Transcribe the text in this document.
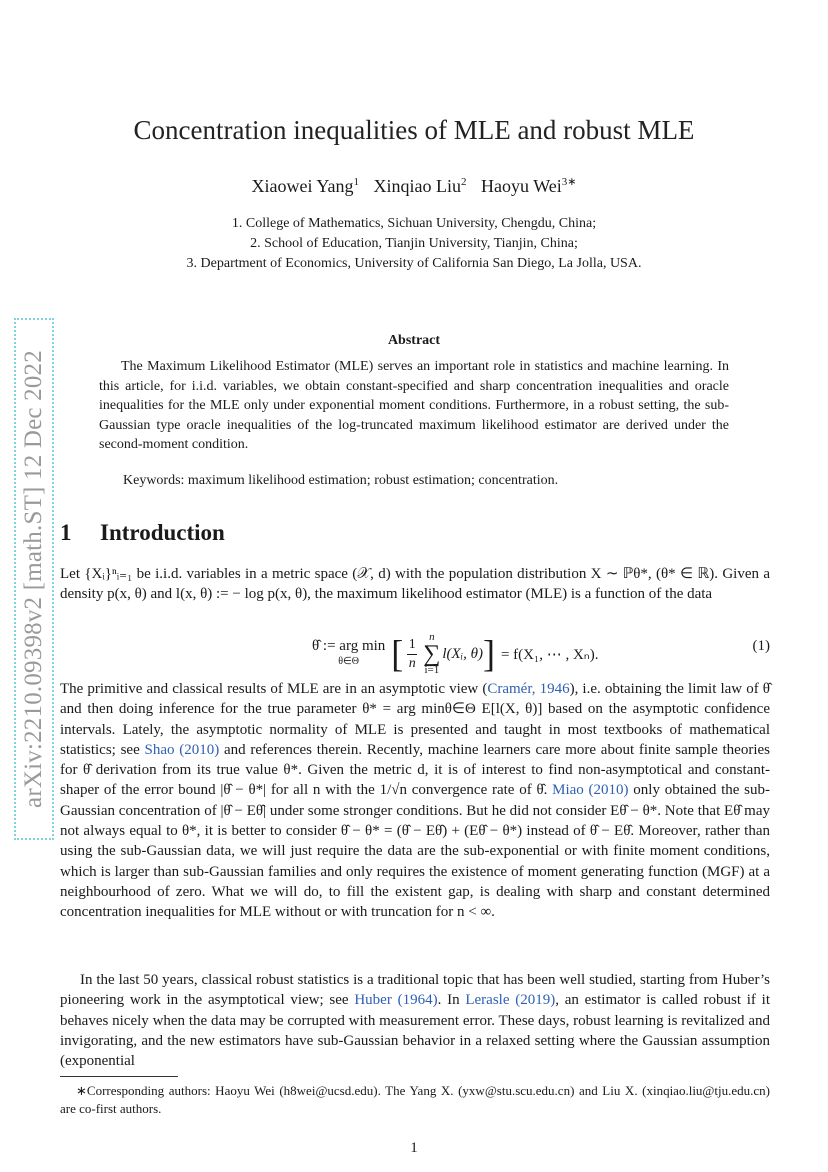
arXiv:2210.09398v2 [math.ST] 12 Dec 2022
Concentration inequalities of MLE and robust MLE
Xiaowei Yang$^1$ Xinqiao Liu$^2$ Haoyu Wei$^{3∗}$
1. College of Mathematics, Sichuan University, Chengdu, China;
2. School of Education, Tianjin University, Tianjin, China;
3. Department of Economics, University of California San Diego, La Jolla, USA.
Abstract
The Maximum Likelihood Estimator (MLE) serves an important role in statistics and machine learning. In this article, for i.i.d. variables, we obtain constant-specified and sharp concentration inequalities and oracle inequalities for the MLE only under exponential moment conditions. Furthermore, in a robust setting, the sub-Gaussian type oracle inequalities of the log-truncated maximum likelihood estimator are derived under the second-moment condition.
Keywords: maximum likelihood estimation; robust estimation; concentration.
1 Introduction
Let {Xᵢ}ⁿᵢ₌₁ be i.i.d. variables in a metric space (𝒳, d) with the population distribution X ∼ ℙθ*, (θ* ∈ ℝ). Given a density p(x, θ) and l(x, θ) := − log p(x, θ), the maximum likelihood estimator (MLE) is a function of the data
θ̂ := arg min
θ∈Θ [ $\frac{1}{n}$ n
∑
i=1
l(Xᵢ, θ) ] = f(X₁, ⋯ , Xₙ).
(1)
The primitive and classical results of MLE are in an asymptotic view (Cramér, 1946), i.e. obtaining the limit law of θ̂ and then doing inference for the true parameter θ* = arg minθ∈Θ E[l(X, θ)] based on the asymptotic confidence intervals. Lately, the asymptotic normality of MLE is presented and taught in most textbooks of mathematical statistics; see Shao (2010) and references therein. Recently, machine learners care more about finite sample theories for θ̂ derivation from its true value θ*. Given the metric d, it is of interest to find non-asymptotical and constant-shaper of the error bound |θ̂ − θ*| for all n with the 1/√n convergence rate of θ̂. Miao (2010) only obtained the sub-Gaussian concentration of |θ̂ − Eθ̂| under some stronger conditions. But he did not consider Eθ̂ − θ*. Note that Eθ̂ may not always equal to θ*, it is better to consider θ̂ − θ* = (θ̂ − Eθ̂) + (Eθ̂ − θ*) instead of θ̂ − Eθ̂. Moreover, rather than using the sub-Gaussian data, we will just require the data are the sub-exponential or with finite moment conditions, which is larger than sub-Gaussian families and only requires the existence of moment generating function (MGF) at a neighbourhood of zero. What we will do, to fill the existent gap, is dealing with sharp and constant determined concentration inequalities for MLE without or with truncation for n < ∞.
In the last 50 years, classical robust statistics is a traditional topic that has been well studied, starting from Huber’s pioneering work in the asymptotical view; see Huber (1964). In Lerasle (2019), an estimator is called robust if it behaves nicely when the data may be corrupted with measurement error. These days, robust learning is revitalized and invigorating, and the new estimators have sub-Gaussian behavior in a relaxed setting where the Gaussian assumption (exponential
∗Corresponding authors: Haoyu Wei (h8wei@ucsd.edu). The Yang X. (yxw@stu.scu.edu.cn) and Liu X. (xinqiao.liu@tju.edu.cn) are co-first authors.
1
